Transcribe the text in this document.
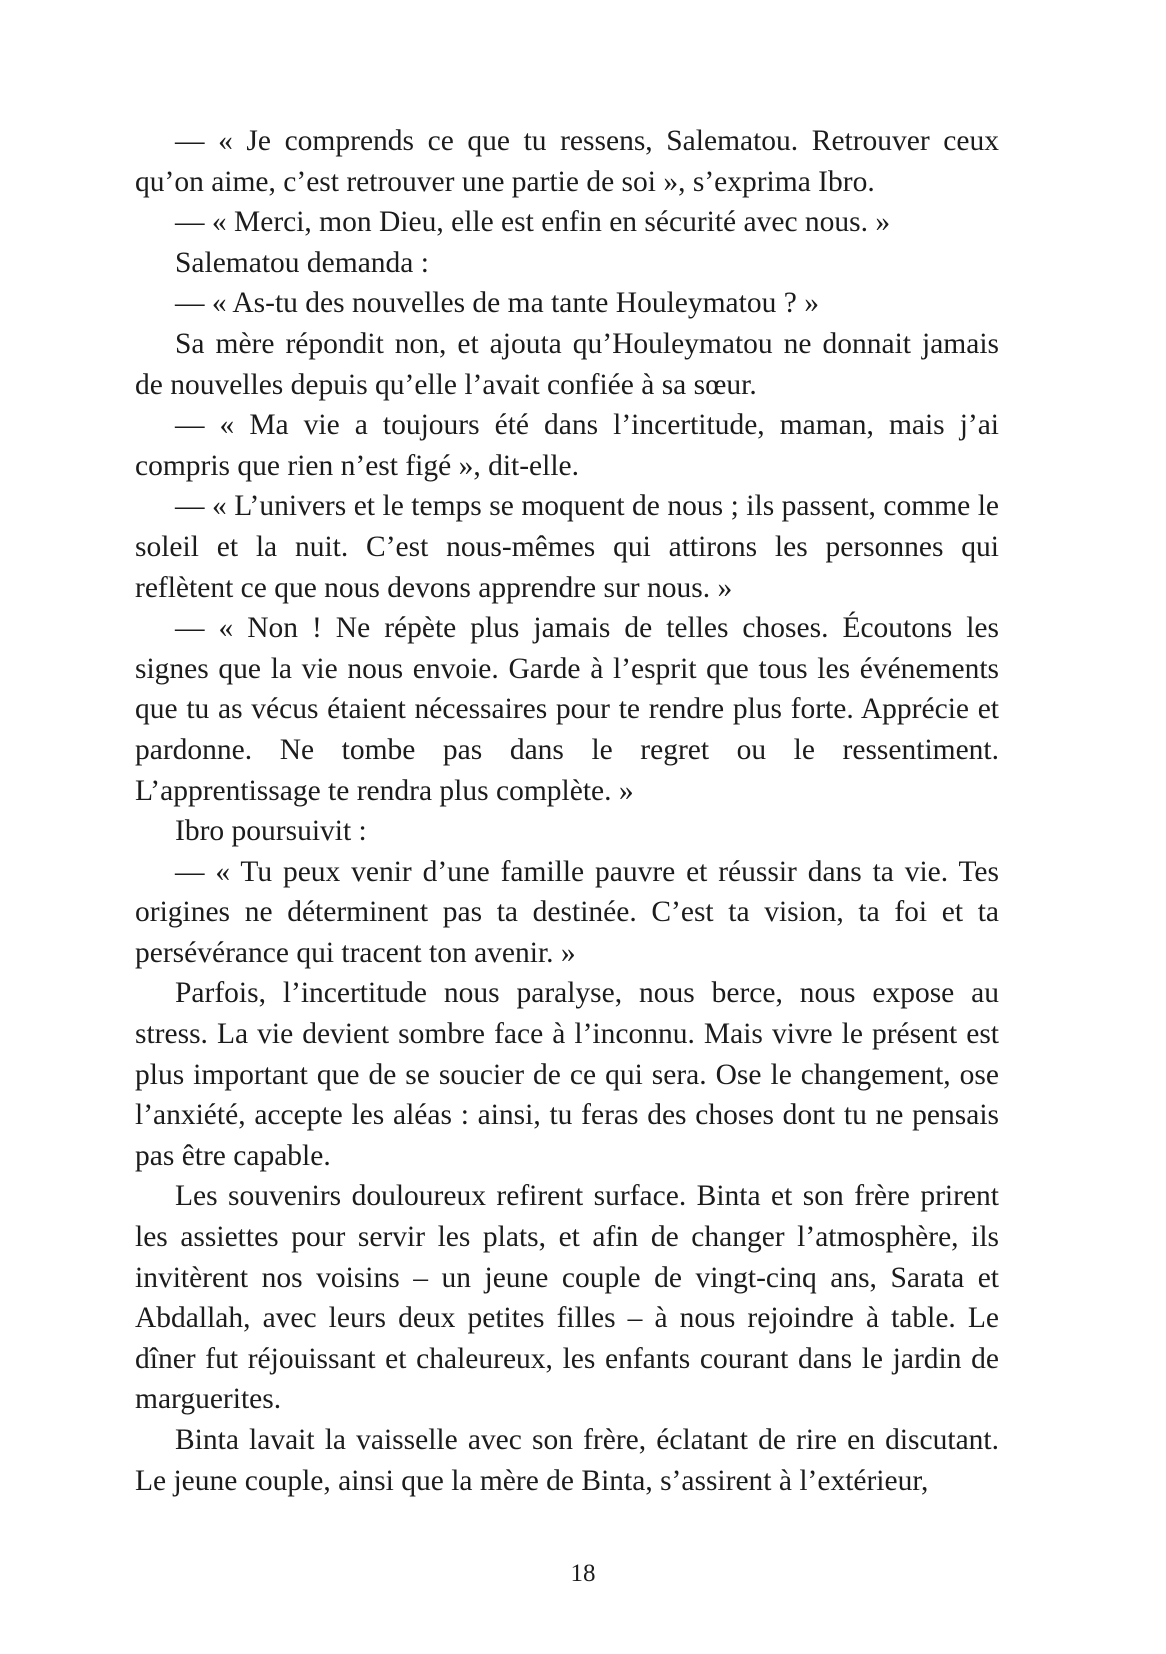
— « Je comprends ce que tu ressens, Salematou. Retrouver ceux qu’on aime, c’est retrouver une partie de soi », s’exprima Ibro.

— « Merci, mon Dieu, elle est enfin en sécurité avec nous. »

Salematou demanda :

— « As-tu des nouvelles de ma tante Houleymatou ? »

Sa mère répondit non, et ajouta qu’Houleymatou ne donnait jamais de nouvelles depuis qu’elle l’avait confiée à sa sœur.

— « Ma vie a toujours été dans l’incertitude, maman, mais j’ai compris que rien n’est figé », dit-elle.

— « L’univers et le temps se moquent de nous ; ils passent, comme le soleil et la nuit. C’est nous-mêmes qui attirons les personnes qui reflètent ce que nous devons apprendre sur nous. »

— « Non ! Ne répète plus jamais de telles choses. Écoutons les signes que la vie nous envoie. Garde à l’esprit que tous les événements que tu as vécus étaient nécessaires pour te rendre plus forte. Apprécie et pardonne. Ne tombe pas dans le regret ou le ressentiment. L’apprentissage te rendra plus complète. »

Ibro poursuivit :

— « Tu peux venir d’une famille pauvre et réussir dans ta vie. Tes origines ne déterminent pas ta destinée. C’est ta vision, ta foi et ta persévérance qui tracent ton avenir. »

Parfois, l’incertitude nous paralyse, nous berce, nous expose au stress. La vie devient sombre face à l’inconnu. Mais vivre le présent est plus important que de se soucier de ce qui sera. Ose le changement, ose l’anxiété, accepte les aléas : ainsi, tu feras des choses dont tu ne pensais pas être capable.

Les souvenirs douloureux refirent surface. Binta et son frère prirent les assiettes pour servir les plats, et afin de changer l’atmosphère, ils invitèrent nos voisins – un jeune couple de vingt-cinq ans, Sarata et Abdallah, avec leurs deux petites filles – à nous rejoindre à table. Le dîner fut réjouissant et chaleureux, les enfants courant dans le jardin de marguerites.

Binta lavait la vaisselle avec son frère, éclatant de rire en discutant. Le jeune couple, ainsi que la mère de Binta, s’assirent à l’extérieur,

18
